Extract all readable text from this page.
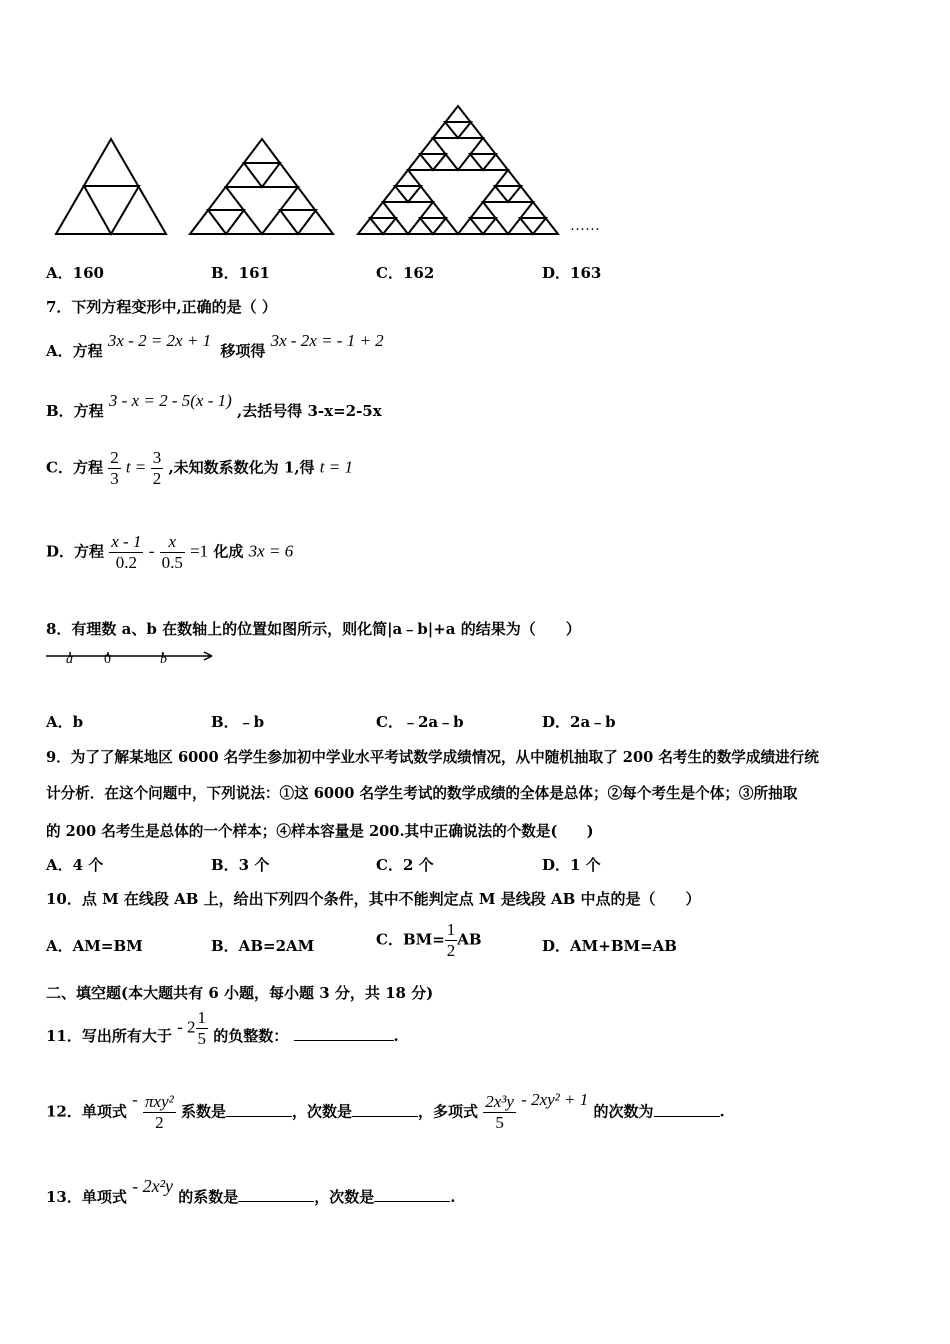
……
A．160	B．161	C．162	D．163
7．下列方程变形中,正确的是（ ）
A．方程 3x - 2 = 2x + 1 移项得 3x - 2x = - 1 + 2
B．方程 3 - x = 2 - 5(x - 1) ,去括号得 3-x=2-5x
C．方程 $\frac{2}{3}$ $t = \frac{3}{2}$ ,未知数系数化为 1,得 t = 1
D．方程 $\frac{x - 1}{0.2} - \frac{x}{0.5} =1$ 化成 3x = 6
8．有理数 a、b 在数轴上的位置如图所示，则化简|a﹣b|+a 的结果为（　　）
a 0	b
A．b	B．﹣b	C．﹣2a﹣b	D．2a﹣b
9．为了了解某地区 6000 名学生参加初中学业水平考试数学成绩情况，从中随机抽取了 200 名考生的数学成绩进行统
计分析．在这个问题中，下列说法：①这 6000 名学生考试的数学成绩的全体是总体；②每个考生是个体；③所抽取
的 200 名考生是总体的一个样本；④样本容量是 200.其中正确说法的个数是(　　)
A．4 个	B．3 个	C．2 个	D．1 个
10．点 M 在线段 AB 上，给出下列四个条件，其中不能判定点 M 是线段 AB 中点的是（　　）
A．AM=BM	B．AB=2AM	C．$BM= \frac{1}{2}$ AB	D．AM+BM=AB
二、填空题(本大题共有 6 小题，每小题 3 分，共 18 分)
11．写出所有大于 - $2 \frac{1}{5}$ 的负整数：	.
12．单项式 - $\frac{\text{πxy²}}{2}$ 系数是	，次数是	，多项式 $\frac{\text{2x³y}}{5} - 2xy^2 + 1$ 的次数为	.
13．单项式 - 2x²y 的系数是	，次数是	.
